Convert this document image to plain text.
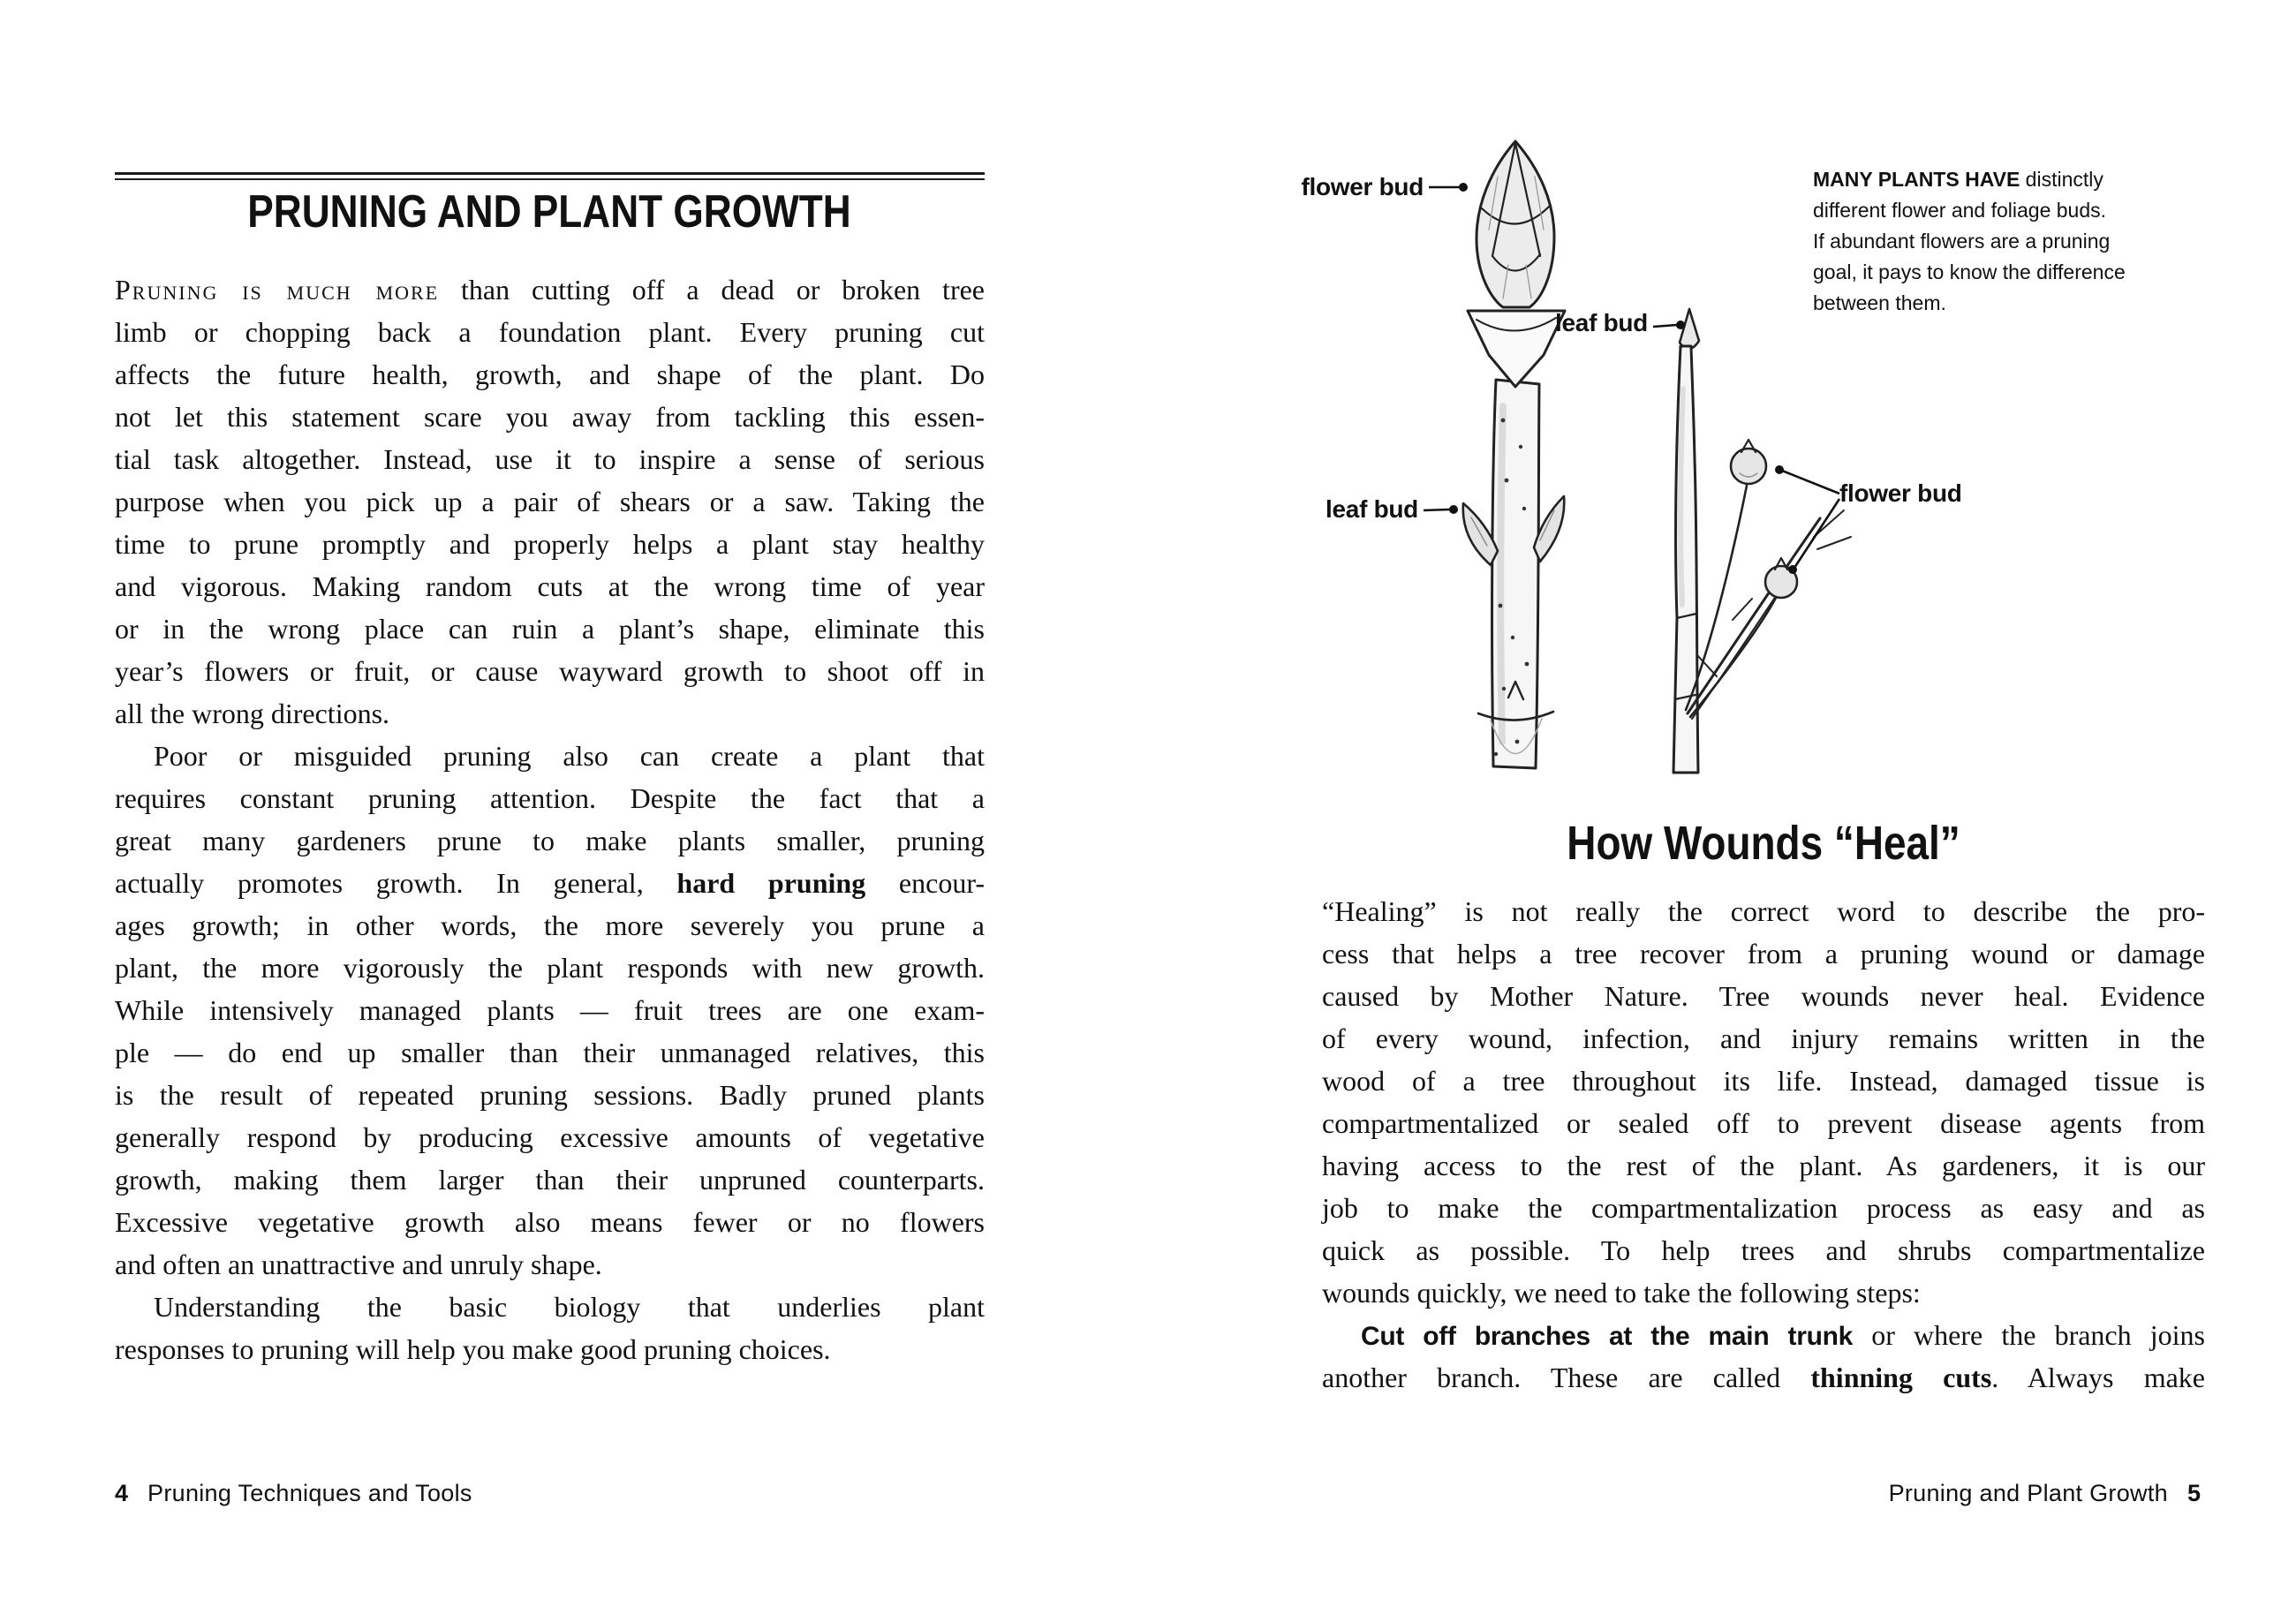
PRUNING AND PLANT GROWTH
Pruning is much more than cutting off a dead or broken tree
limb or chopping back a foundation plant. Every pruning cut
affects the future health, growth, and shape of the plant. Do
not let this statement scare you away from tackling this essen-
tial task altogether. Instead, use it to inspire a sense of serious
purpose when you pick up a pair of shears or a saw. Taking the
time to prune promptly and properly helps a plant stay healthy
and vigorous. Making random cuts at the wrong time of year
or in the wrong place can ruin a plant’s shape, eliminate this
year’s flowers or fruit, or cause wayward growth to shoot off in
all the wrong directions.
Poor or misguided pruning also can create a plant that
requires constant pruning attention. Despite the fact that a
great many gardeners prune to make plants smaller, pruning
actually promotes growth. In general, hard pruning encour-
ages growth; in other words, the more severely you prune a
plant, the more vigorously the plant responds with new growth.
While intensively managed plants — fruit trees are one exam-
ple — do end up smaller than their unmanaged relatives, this
is the result of repeated pruning sessions. Badly pruned plants
generally respond by producing excessive amounts of vegetative
growth, making them larger than their unpruned counterparts.
Excessive vegetative growth also means fewer or no flowers
and often an unattractive and unruly shape.
Understanding the basic biology that underlies plant
responses to pruning will help you make good pruning choices.
4 Pruning Techniques and Tools
flower bud
leaf bud
leaf bud
flower bud
MANY PLANTS HAVE distinctly
different flower and foliage buds.
If abundant flowers are a pruning
goal, it pays to know the difference
between them.
How Wounds “Heal”
“Healing” is not really the correct word to describe the pro-
cess that helps a tree recover from a pruning wound or damage
caused by Mother Nature. Tree wounds never heal. Evidence
of every wound, infection, and injury remains written in the
wood of a tree throughout its life. Instead, damaged tissue is
compartmentalized or sealed off to prevent disease agents from
having access to the rest of the plant. As gardeners, it is our
job to make the compartmentalization process as easy and as
quick as possible. To help trees and shrubs compartmentalize
wounds quickly, we need to take the following steps:
Cut off branches at the main trunk or where the branch joins
another branch. These are called thinning cuts. Always make
Pruning and Plant Growth 5
